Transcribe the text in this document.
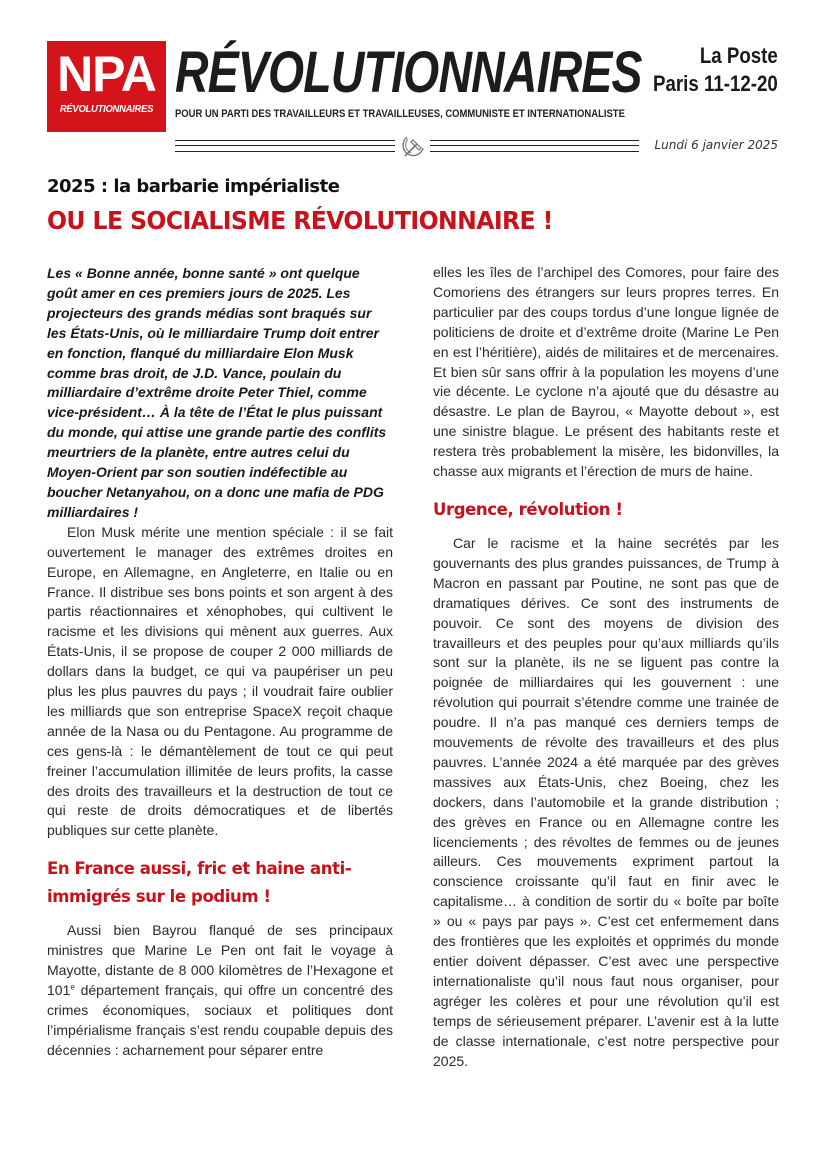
NPA
RÉVOLUTIONNAIRES
RÉVOLUTIONNAIRES
POUR UN PARTI DES TRAVAILLEURS ET TRAVAILLEUSES, COMMUNISTE ET INTERNATIONALISTE
La Poste
Paris 11-12-20
Lundi 6 janvier 2025
2025 : la barbarie impérialiste
OU LE SOCIALISME RÉVOLUTIONNAIRE !

Les « Bonne année, bonne santé » ont quelque goût amer en ces premiers jours de 2025. Les projecteurs des grands médias sont braqués sur les États-Unis, où le milliardaire Trump doit entrer en fonction, flanqué du milliardaire Elon Musk comme bras droit, de J.D. Vance, poulain du milliardaire d’extrême droite Peter Thiel, comme vice-président… À la tête de l’État le plus puissant du monde, qui attise une grande partie des conflits meurtriers de la planète, entre autres celui du Moyen-Orient par son soutien indéfectible au boucher Netanyahou, on a donc une mafia de PDG milliardaires !

Elon Musk mérite une mention spéciale : il se fait ouvertement le manager des extrêmes droites en Europe, en Allemagne, en Angleterre, en Italie ou en France. Il distribue ses bons points et son argent à des partis réactionnaires et xénophobes, qui cultivent le racisme et les divisions qui mènent aux guerres. Aux États-Unis, il se propose de couper 2 000 milliards de dollars dans la budget, ce qui va paupériser un peu plus les plus pauvres du pays ; il voudrait faire oublier les milliards que son entreprise SpaceX reçoit chaque année de la Nasa ou du Pentagone. Au programme de ces gens-là : le démantèlement de tout ce qui peut freiner l’accumulation illimitée de leurs profits, la casse des droits des travailleurs et la destruction de tout ce qui reste de droits démocratiques et de libertés publiques sur cette planète.

En France aussi, fric et haine anti-immigrés sur le podium !

Aussi bien Bayrou flanqué de ses principaux ministres que Marine Le Pen ont fait le voyage à Mayotte, distante de 8 000 kilomètres de l’Hexagone et 101e département français, qui offre un concentré des crimes économiques, sociaux et politiques dont l’impérialisme français s’est rendu coupable depuis des décennies : acharnement pour séparer entre

elles les îles de l’archipel des Comores, pour faire des Comoriens des étrangers sur leurs propres terres. En particulier par des coups tordus d’une longue lignée de politiciens de droite et d’extrême droite (Marine Le Pen en est l’héritière), aidés de militaires et de mercenaires. Et bien sûr sans offrir à la population les moyens d’une vie décente. Le cyclone n’a ajouté que du désastre au désastre. Le plan de Bayrou, « Mayotte debout », est une sinistre blague. Le présent des habitants reste et restera très probablement la misère, les bidonvilles, la chasse aux migrants et l’érection de murs de haine.

Urgence, révolution !

Car le racisme et la haine secrétés par les gouvernants des plus grandes puissances, de Trump à Macron en passant par Poutine, ne sont pas que de dramatiques dérives. Ce sont des instruments de pouvoir. Ce sont des moyens de division des travailleurs et des peuples pour qu’aux milliards qu’ils sont sur la planète, ils ne se liguent pas contre la poignée de milliardaires qui les gouvernent : une révolution qui pourrait s’étendre comme une trainée de poudre. Il n’a pas manqué ces derniers temps de mouvements de révolte des travailleurs et des plus pauvres. L’année 2024 a été marquée par des grèves massives aux États-Unis, chez Boeing, chez les dockers, dans l’automobile et la grande distribution ; des grèves en France ou en Allemagne contre les licenciements ; des révoltes de femmes ou de jeunes ailleurs. Ces mouvements expriment partout la conscience croissante qu’il faut en finir avec le capitalisme… à condition de sortir du « boîte par boîte » ou « pays par pays ». C’est cet enfermement dans des frontières que les exploités et opprimés du monde entier doivent dépasser. C’est avec une perspective internationaliste qu’il nous faut nous organiser, pour agréger les colères et pour une révolution qu’il est temps de sérieusement préparer. L’avenir est à la lutte de classe internationale, c’est notre perspective pour 2025.
